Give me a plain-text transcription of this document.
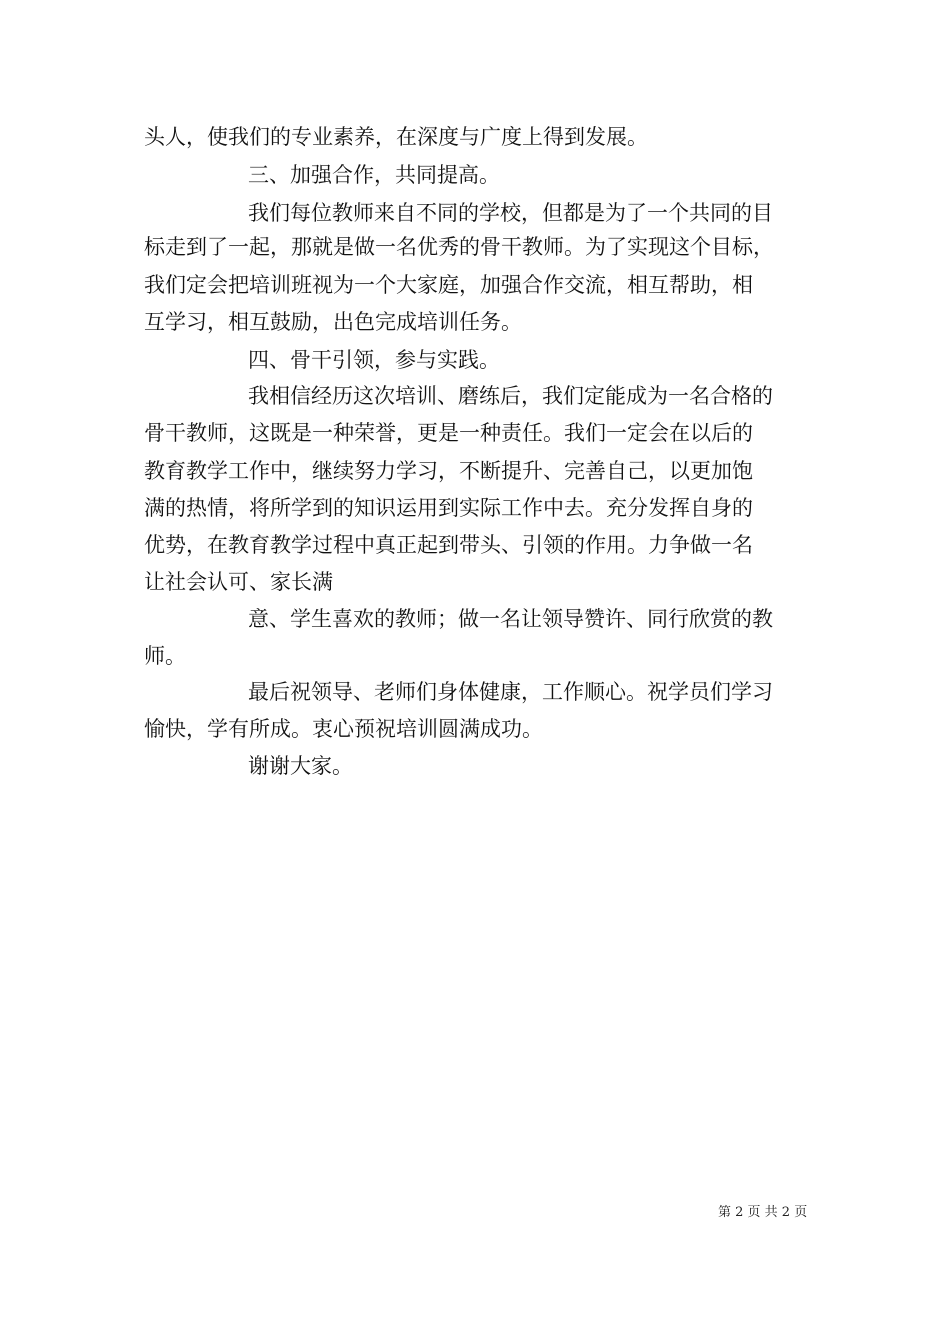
头人，使我们的专业素养，在深度与广度上得到发展。
三、加强合作，共同提高。
我们每位教师来自不同的学校，但都是为了一个共同的目
标走到了一起，那就是做一名优秀的骨干教师。为了实现这个目标，
我们定会把培训班视为一个大家庭，加强合作交流，相互帮助，相
互学习，相互鼓励，出色完成培训任务。
四、骨干引领，参与实践。
我相信经历这次培训、磨练后，我们定能成为一名合格的
骨干教师，这既是一种荣誉，更是一种责任。我们一定会在以后的
教育教学工作中，继续努力学习，不断提升、完善自己，以更加饱
满的热情，将所学到的知识运用到实际工作中去。充分发挥自身的
优势，在教育教学过程中真正起到带头、引领的作用。力争做一名
让社会认可、家长满
意、学生喜欢的教师；做一名让领导赞许、同行欣赏的教
师。
最后祝领导、老师们身体健康，工作顺心。祝学员们学习
愉快，学有所成。衷心预祝培训圆满成功。
谢谢大家。
第 2 页 共 2 页
